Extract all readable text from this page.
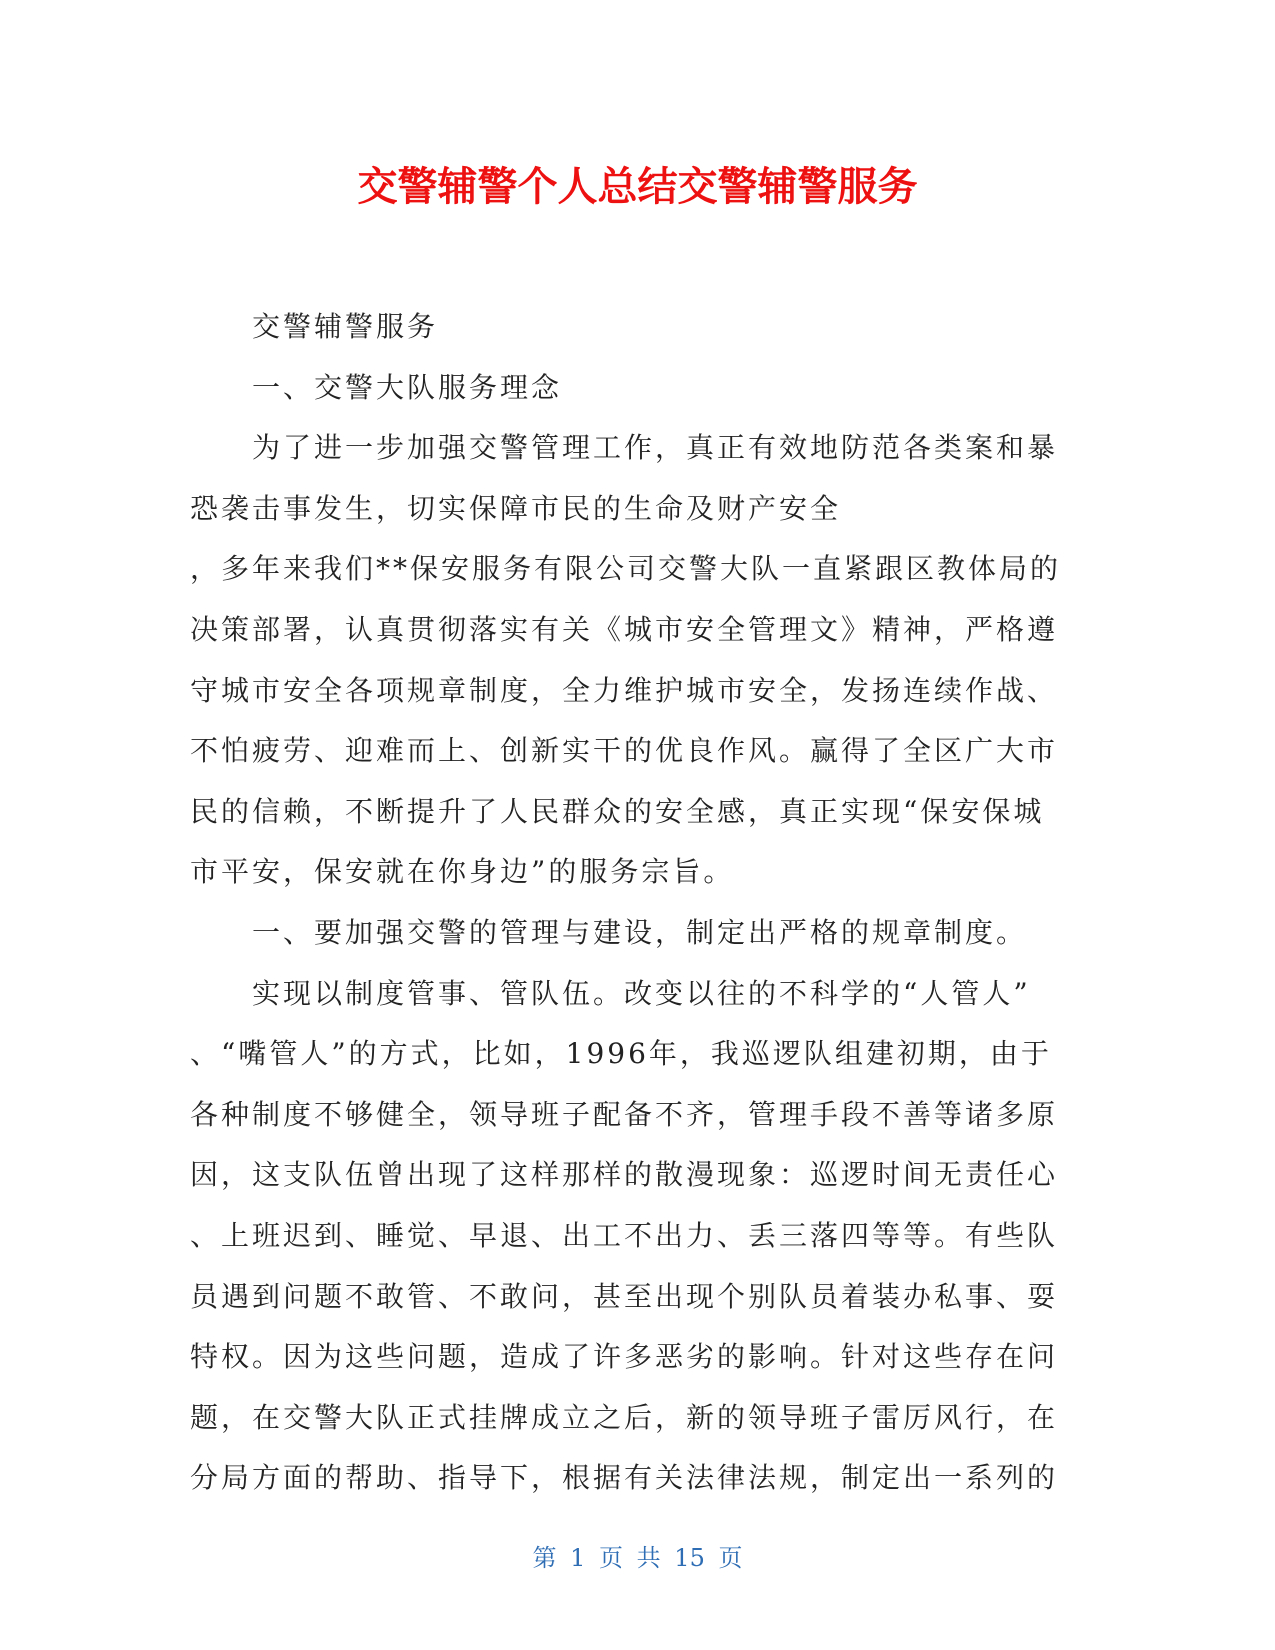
交警辅警个人总结交警辅警服务
交警辅警服务
一、交警大队服务理念
为了进一步加强交警管理工作，真正有效地防范各类案和暴
恐袭击事发生，切实保障市民的生命及财产安全
，多年来我们**保安服务有限公司交警大队一直紧跟区教体局的
决策部署，认真贯彻落实有关《城市安全管理文》精神，严格遵
守城市安全各项规章制度，全力维护城市安全，发扬连续作战、
不怕疲劳、迎难而上、创新实干的优良作风。赢得了全区广大市
民的信赖，不断提升了人民群众的安全感，真正实现“保安保城
市平安，保安就在你身边”的服务宗旨。
一、要加强交警的管理与建设，制定出严格的规章制度。
实现以制度管事、管队伍。改变以往的不科学的“人管人”
、“嘴管人”的方式，比如，1996年，我巡逻队组建初期，由于
各种制度不够健全，领导班子配备不齐，管理手段不善等诸多原
因，这支队伍曾出现了这样那样的散漫现象：巡逻时间无责任心
、上班迟到、睡觉、早退、出工不出力、丢三落四等等。有些队
员遇到问题不敢管、不敢问，甚至出现个别队员着装办私事、耍
特权。因为这些问题，造成了许多恶劣的影响。针对这些存在问
题，在交警大队正式挂牌成立之后，新的领导班子雷厉风行，在
分局方面的帮助、指导下，根据有关法律法规，制定出一系列的
第 1 页 共 15 页
